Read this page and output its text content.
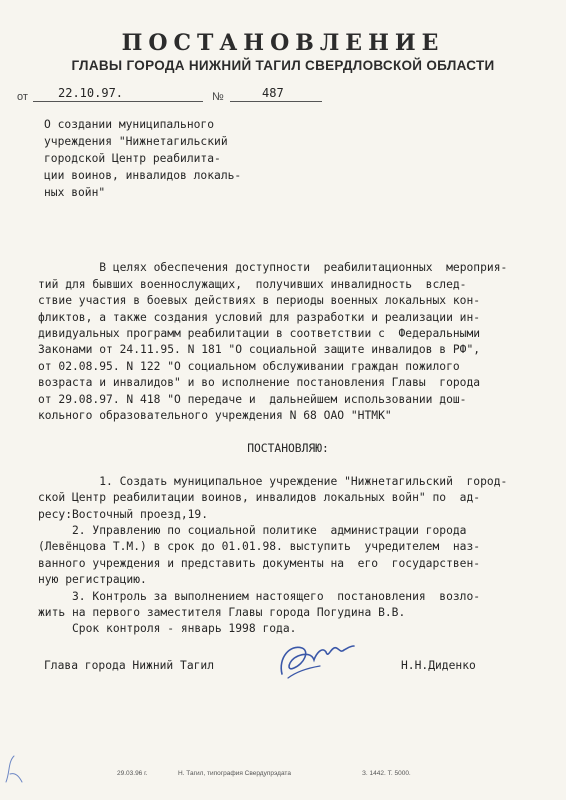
ПОСТАНОВЛЕНИЕ
ГЛАВЫ ГОРОДА НИЖНИЙ ТАГИЛ СВЕРДЛОВСКОЙ ОБЛАСТИ
от	22.10.97.	№	487
О создании муниципального
учреждения "Нижнетагильский
городской Центр реабилита-
ции воинов, инвалидов локаль-
ных войн"

В целях обеспечения доступности  реабилитационных  мероприя-
тий для бывших военнослужащих,  получивших инвалидность  вслед-
ствие участия в боевых действиях в периоды военных локальных кон-
фликтов, а также создания условий для разработки и реализации ин-
дивидуальных программ реабилитации в соответствии с  Федеральными
Законами от 24.11.95. N 181 "О социальной защите инвалидов в РФ",
от 02.08.95. N 122 "О социальном обслуживании граждан пожилого
возраста и инвалидов" и во исполнение постановления Главы  города
от 29.08.97. N 418 "О передаче и  дальнейшем использовании дош-
кольного образовательного учреждения N 68 ОАО "НТМК"

ПОСТАНОВЛЯЮ:

1. Создать муниципальное учреждение "Нижнетагильский  город-
ской Центр реабилитации воинов, инвалидов локальных войн" по  ад-
ресу:Восточный проезд,19.
2. Управлению по социальной политике  администрации города
(Левёнцова Т.М.) в срок до 01.01.98. выступить  учредителем  наз-
ванного учреждения и представить документы на  его  государствен-
ную регистрацию.
3. Контроль за выполнением настоящего  постановления  возло-
жить на первого заместителя Главы города Погудина В.В.
Срок контроля - январь 1998 года.

Глава города Нижний Тагил	Н.Н.Диденко
29.03.96 г.	Н. Тагил, типография Свердупрэдата	З. 1442. Т. 5000.
